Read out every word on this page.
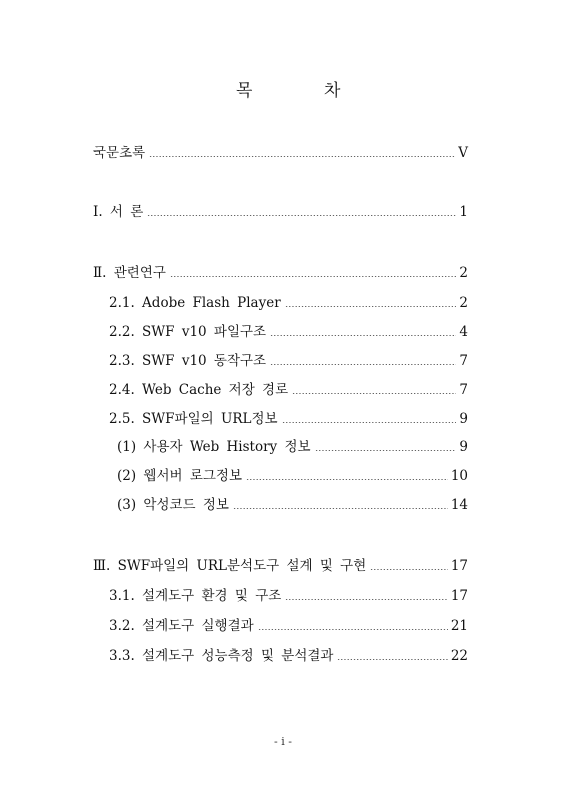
목	차
국문초록	Ⅴ
Ⅰ. 서 론	1
Ⅱ. 관련연구	2
2.1. Adobe Flash Player	2
2.2. SWF v10 파일구조	4
2.3. SWF v10 동작구조	7
2.4. Web Cache 저장 경로	7
2.5. SWF파일의 URL정보	9
(1) 사용자 Web History 정보	9
(2) 웹서버 로그정보	10
(3) 악성코드 정보	14
Ⅲ. SWF파일의 URL분석도구 설계 및 구현	17
3.1. 설계도구 환경 및 구조	17
3.2. 설계도구 실행결과	21
3.3. 설계도구 성능측정 및 분석결과	22
- i -
